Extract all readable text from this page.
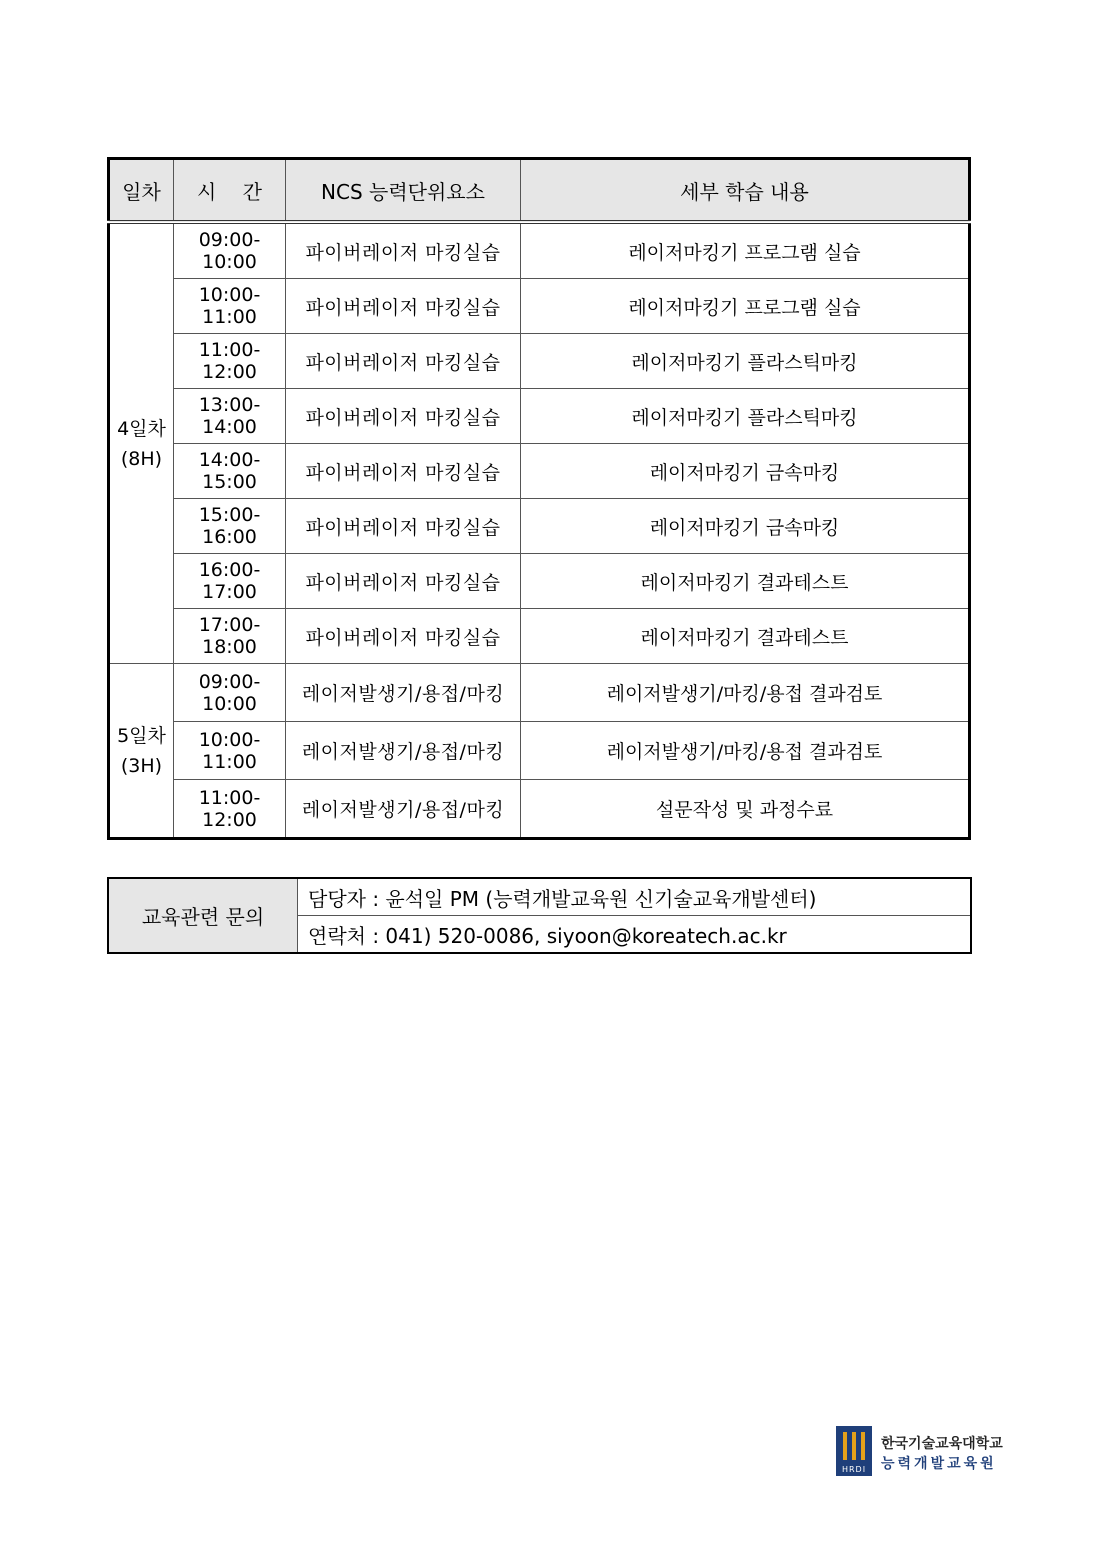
일차	시　 간	NCS 능력단위요소	세부 학습 내용

4일차
(8H)	09:00-10:00	파이버레이저 마킹실습	레이저마킹기 프로그램 실습
	10:00-11:00	파이버레이저 마킹실습	레이저마킹기 프로그램 실습
	11:00-12:00	파이버레이저 마킹실습	레이저마킹기 플라스틱마킹
	13:00-14:00	파이버레이저 마킹실습	레이저마킹기 플라스틱마킹
	14:00-15:00	파이버레이저 마킹실습	레이저마킹기 금속마킹
	15:00-16:00	파이버레이저 마킹실습	레이저마킹기 금속마킹
	16:00-17:00	파이버레이저 마킹실습	레이저마킹기 결과테스트
	17:00-18:00	파이버레이저 마킹실습	레이저마킹기 결과테스트

5일차
(3H)	09:00-10:00	레이저발생기/용접/마킹	레이저발생기/마킹/용접 결과검토
	10:00-11:00	레이저발생기/용접/마킹	레이저발생기/마킹/용접 결과검토
	11:00-12:00	레이저발생기/용접/마킹	설문작성 및 과정수료
교육관련 문의	담당자 : 윤석일 PM (능력개발교육원 신기술교육개발센터)
연락처 : 041) 520-0086, siyoon@koreatech.ac.kr
HRDI
한국기술교육대학교
능력개발교육원
